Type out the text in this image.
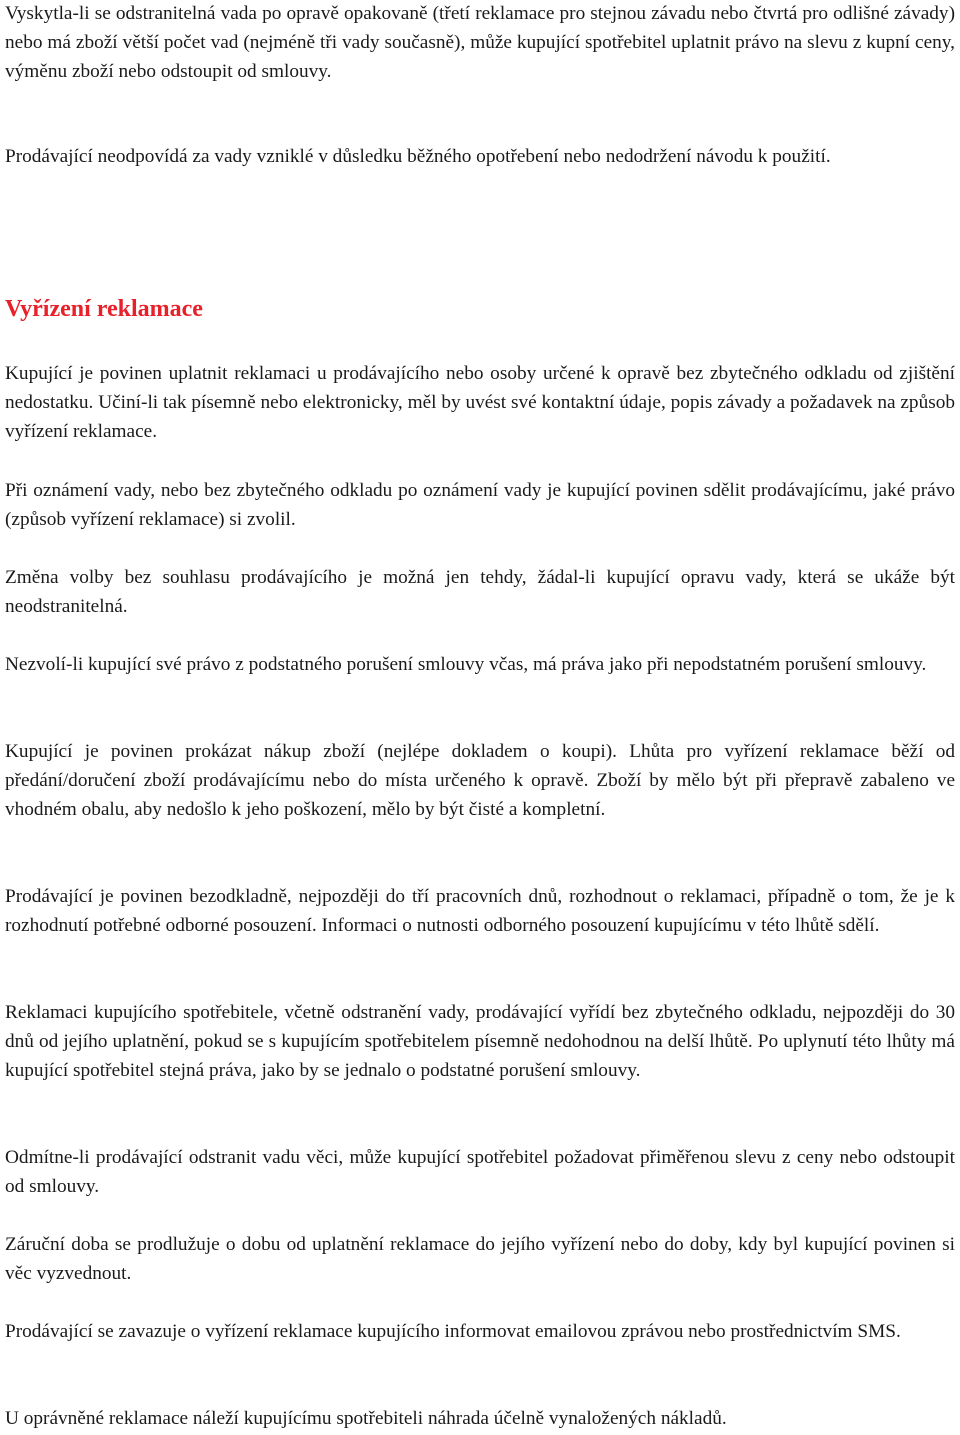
Vyskytla-li se odstranitelná vada po opravě opakovaně (třetí reklamace pro stejnou závadu nebo čtvrtá pro odlišné závady) nebo má zboží větší počet vad (nejméně tři vady současně), může kupující spotřebitel uplatnit právo na slevu z kupní ceny, výměnu zboží nebo odstoupit od smlouvy.

Prodávající neodpovídá za vady vzniklé v důsledku běžného opotřebení nebo nedodržení návodu k použití.

Vyřízení reklamace

Kupující je povinen uplatnit reklamaci u prodávajícího nebo osoby určené k opravě bez zbytečného odkladu od zjištění nedostatku. Učiní-li tak písemně nebo elektronicky, měl by uvést své kontaktní údaje, popis závady a požadavek na způsob vyřízení reklamace.

Při oznámení vady, nebo bez zbytečného odkladu po oznámení vady je kupující povinen sdělit prodávajícímu, jaké právo (způsob vyřízení reklamace) si zvolil.

Změna volby bez souhlasu prodávajícího je možná jen tehdy, žádal-li kupující opravu vady, která se ukáže být neodstranitelná.

Nezvolí-li kupující své právo z podstatného porušení smlouvy včas, má práva jako při nepodstatném porušení smlouvy.

Kupující je povinen prokázat nákup zboží (nejlépe dokladem o koupi). Lhůta pro vyřízení reklamace běží od předání/doručení zboží prodávajícímu nebo do místa určeného k opravě. Zboží by mělo být při přepravě zabaleno ve vhodném obalu, aby nedošlo k jeho poškození, mělo by být čisté a kompletní.

Prodávající je povinen bezodkladně, nejpozději do tří pracovních dnů, rozhodnout o reklamaci, případně o tom, že je k rozhodnutí potřebné odborné posouzení. Informaci o nutnosti odborného posouzení kupujícímu v této lhůtě sdělí.

Reklamaci kupujícího spotřebitele, včetně odstranění vady, prodávající vyřídí bez zbytečného odkladu, nejpozději do 30 dnů od jejího uplatnění, pokud se s kupujícím spotřebitelem písemně nedohodnou na delší lhůtě. Po uplynutí této lhůty má kupující spotřebitel stejná práva, jako by se jednalo o podstatné porušení smlouvy.

Odmítne-li prodávající odstranit vadu věci, může kupující spotřebitel požadovat přiměřenou slevu z ceny nebo odstoupit od smlouvy.

Záruční doba se prodlužuje o dobu od uplatnění reklamace do jejího vyřízení nebo do doby, kdy byl kupující povinen si věc vyzvednout.

Prodávající se zavazuje o vyřízení reklamace kupujícího informovat emailovou zprávou nebo prostřednictvím SMS.

U oprávněné reklamace náleží kupujícímu spotřebiteli náhrada účelně vynaložených nákladů.
